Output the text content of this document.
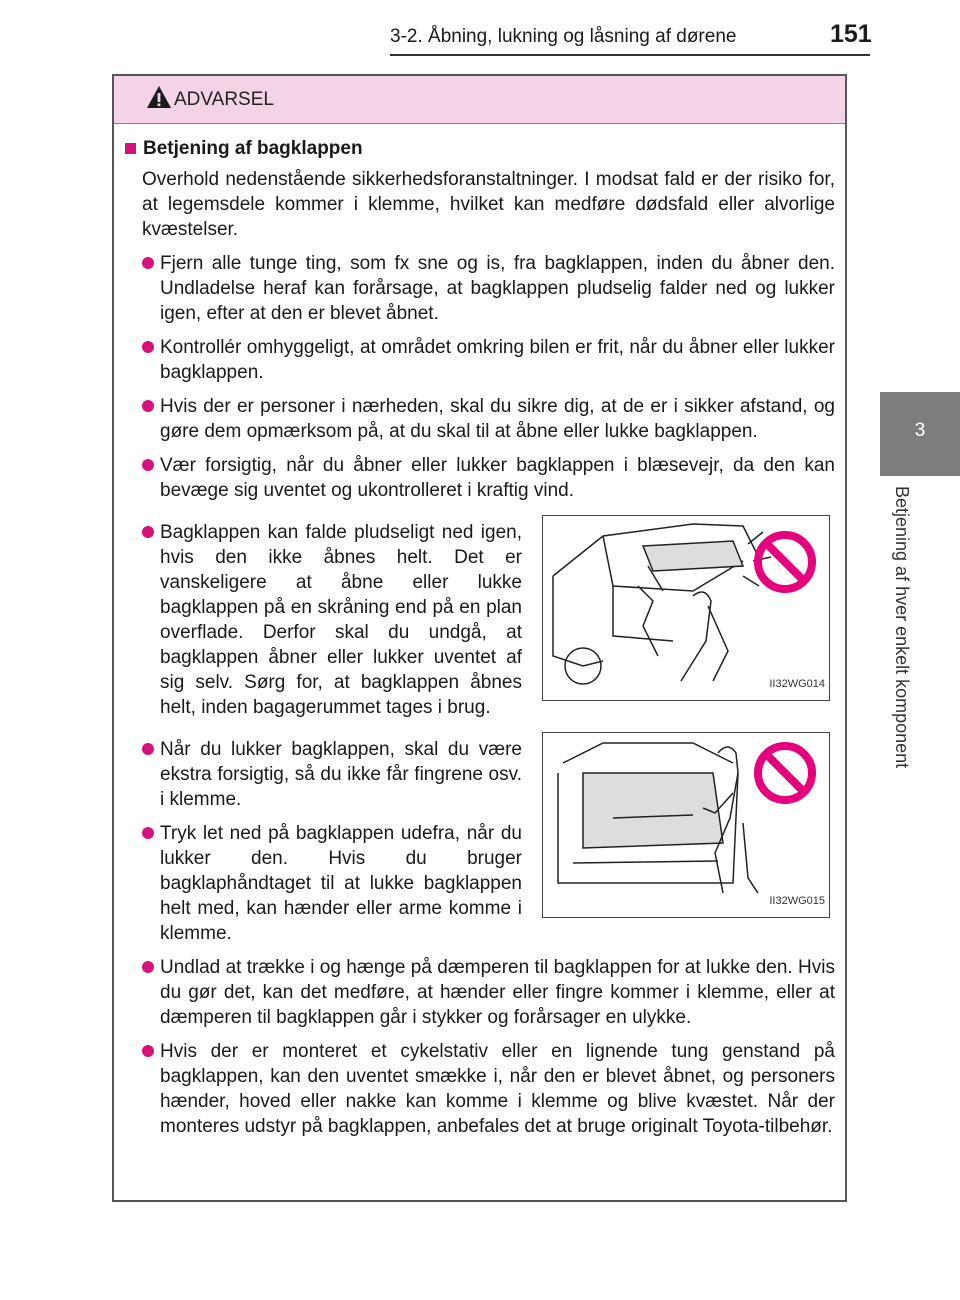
3-2. Åbning, lukning og låsning af dørene	151
3
Betjening af hver enkelt komponent
ADVARSEL
Betjening af bagklappen
Overhold nedenstående sikkerhedsforanstaltninger. I modsat fald er der risiko for, at legemsdele kommer i klemme, hvilket kan medføre dødsfald eller alvorlige kvæstelser.
Fjern alle tunge ting, som fx sne og is, fra bagklappen, inden du åbner den. Undladelse heraf kan forårsage, at bagklappen pludselig falder ned og lukker igen, efter at den er blevet åbnet.
Kontrollér omhyggeligt, at området omkring bilen er frit, når du åbner eller lukker bagklappen.
Hvis der er personer i nærheden, skal du sikre dig, at de er i sikker afstand, og gøre dem opmærksom på, at du skal til at åbne eller lukke bagklappen.
Vær forsigtig, når du åbner eller lukker bagklappen i blæsevejr, da den kan bevæge sig uventet og ukontrolleret i kraftig vind.
Bagklappen kan falde pludseligt ned igen, hvis den ikke åbnes helt. Det er vanskeligere at åbne eller lukke bagklappen på en skråning end på en plan overflade. Derfor skal du undgå, at bagklappen åbner eller lukker uventet af sig selv. Sørg for, at bagklappen åbnes helt, inden bagagerummet tages i brug.
II32WG014
Når du lukker bagklappen, skal du være ekstra forsigtig, så du ikke får fingrene osv. i klemme.
Tryk let ned på bagklappen udefra, når du lukker den. Hvis du bruger bagklaphåndtaget til at lukke bagklappen helt med, kan hænder eller arme komme i klemme.
II32WG015
Undlad at trække i og hænge på dæmperen til bagklappen for at lukke den. Hvis du gør det, kan det medføre, at hænder eller fingre kommer i klemme, eller at dæmperen til bagklappen går i stykker og forårsager en ulykke.
Hvis der er monteret et cykelstativ eller en lignende tung genstand på bagklappen, kan den uventet smække i, når den er blevet åbnet, og personers hænder, hoved eller nakke kan komme i klemme og blive kvæstet. Når der monteres udstyr på bagklappen, anbefales det at bruge originalt Toyota-tilbehør.
